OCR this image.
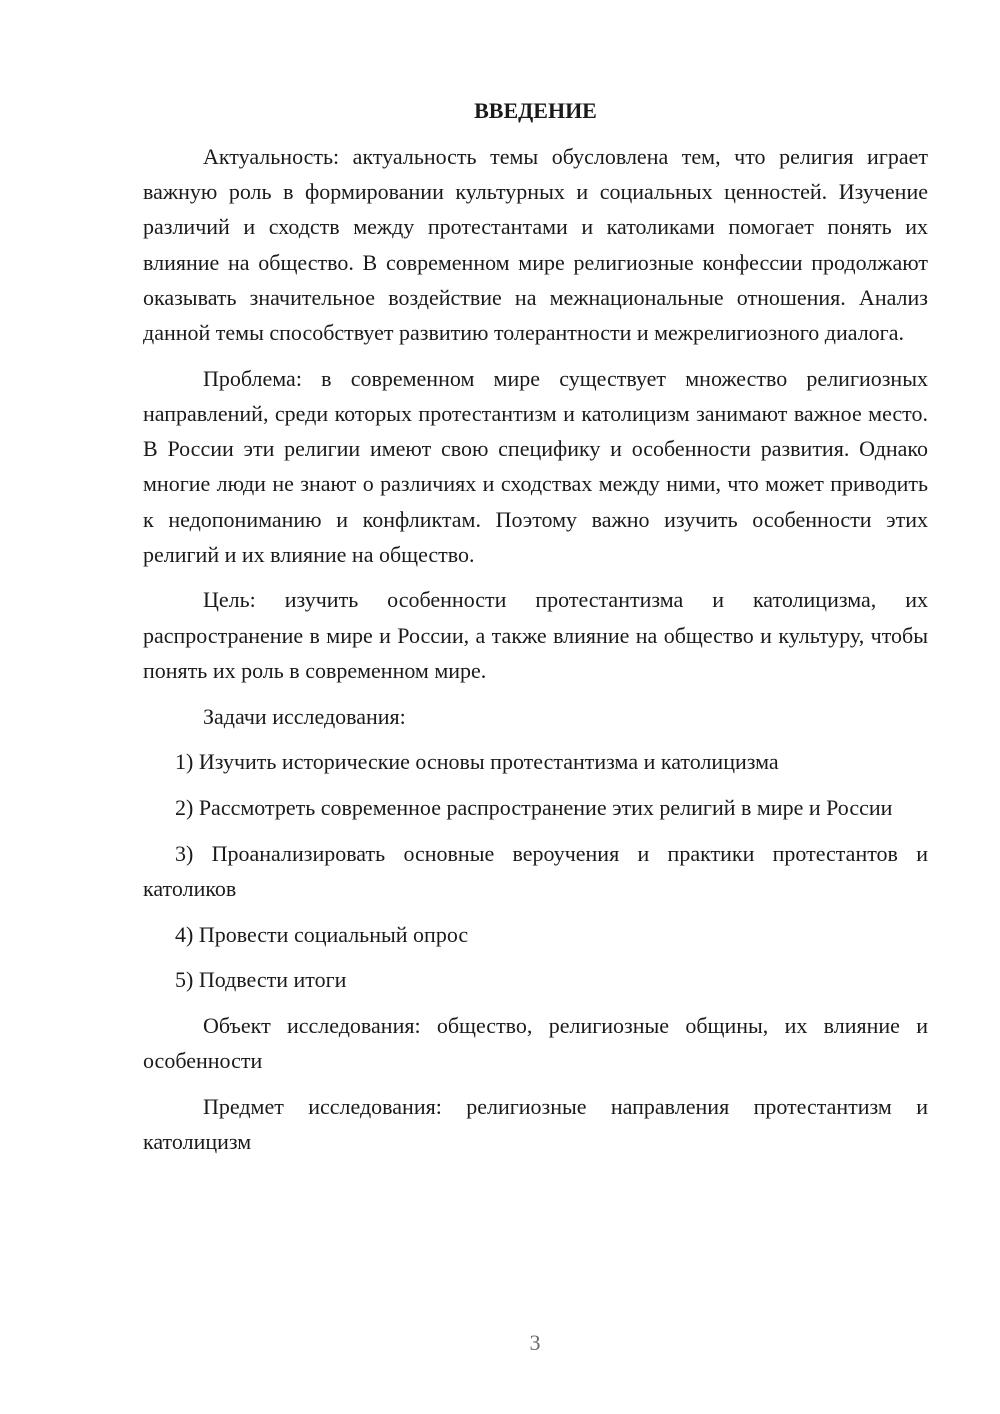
ВВЕДЕНИЕ

Актуальность: актуальность темы обусловлена тем, что религия играет важную роль в формировании культурных и социальных ценностей. Изучение различий и сходств между протестантами и католиками помогает понять их влияние на общество. В современном мире религиозные конфессии продолжают оказывать значительное воздействие на межнациональные отношения. Анализ данной темы способствует развитию толерантности и межрелигиозного диалога.

Проблема: в современном мире существует множество религиозных направлений, среди которых протестантизм и католицизм занимают важное место. В России эти религии имеют свою специфику и особенности развития. Однако многие люди не знают о различиях и сходствах между ними, что может приводить к недопониманию и конфликтам. Поэтому важно изучить особенности этих религий и их влияние на общество.

Цель: изучить особенности протестантизма и католицизма, их распространение в мире и России, а также влияние на общество и культуру, чтобы понять их роль в современном мире.

Задачи исследования:

1) Изучить исторические основы протестантизма и католицизма

2) Рассмотреть современное распространение этих религий в мире и России

3) Проанализировать основные вероучения и практики протестантов и католиков

4) Провести социальный опрос

5) Подвести итоги

Объект исследования: общество, религиозные общины, их влияние и особенности

Предмет исследования: религиозные направления протестантизм и католицизм

3
